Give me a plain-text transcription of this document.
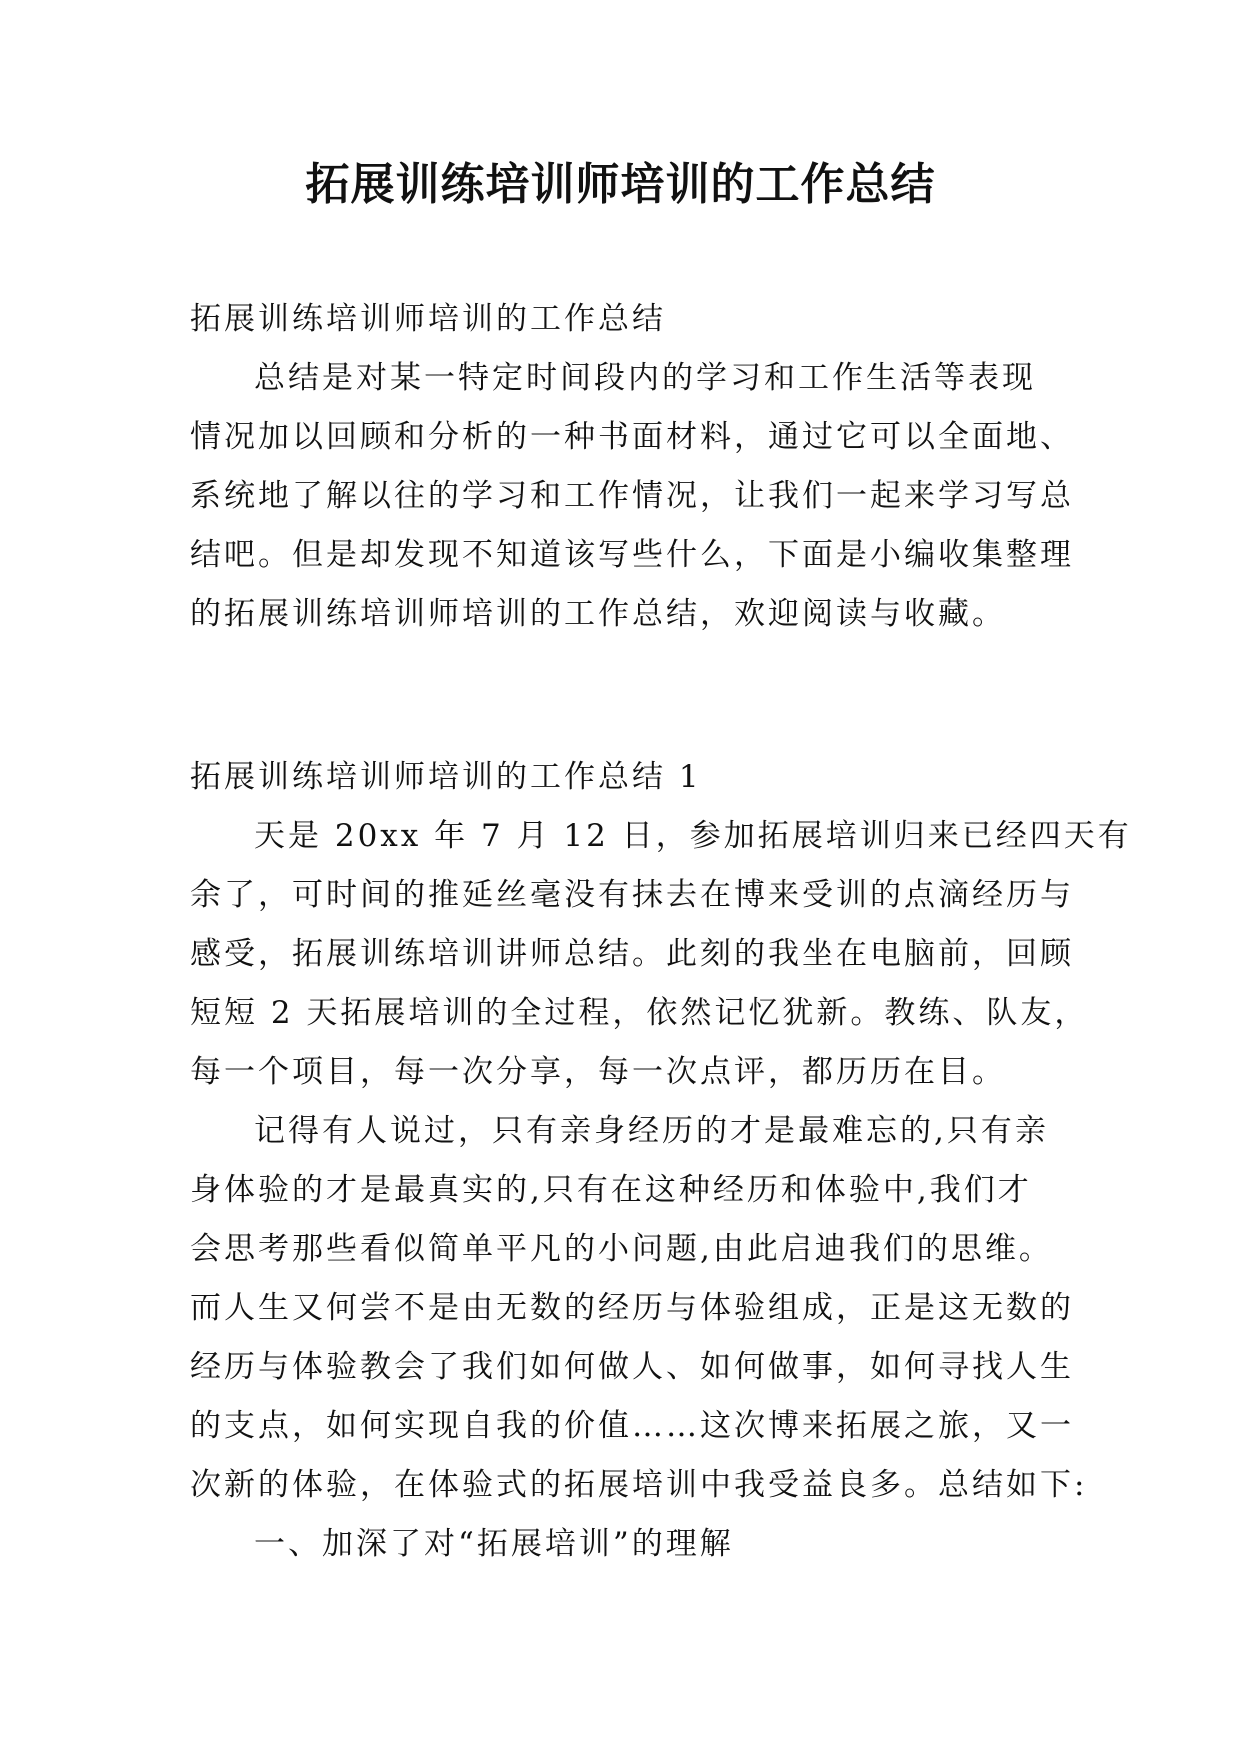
拓展训练培训师培训的工作总结
拓展训练培训师培训的工作总结
总结是对某一特定时间段内的学习和工作生活等表现
情况加以回顾和分析的一种书面材料，通过它可以全面地、
系统地了解以往的学习和工作情况，让我们一起来学习写总
结吧。但是却发现不知道该写些什么，下面是小编收集整理
的拓展训练培训师培训的工作总结，欢迎阅读与收藏。
拓展训练培训师培训的工作总结 1
天是 20xx 年 7 月 12 日，参加拓展培训归来已经四天有
余了，可时间的推延丝毫没有抹去在博来受训的点滴经历与
感受，拓展训练培训讲师总结。此刻的我坐在电脑前，回顾
短短 2 天拓展培训的全过程，依然记忆犹新。教练、队友，
每一个项目，每一次分享，每一次点评，都历历在目。
记得有人说过，只有亲身经历的才是最难忘的,只有亲
身体验的才是最真实的,只有在这种经历和体验中,我们才
会思考那些看似简单平凡的小问题,由此启迪我们的思维。
而人生又何尝不是由无数的经历与体验组成，正是这无数的
经历与体验教会了我们如何做人、如何做事，如何寻找人生
的支点，如何实现自我的价值……这次博来拓展之旅，又一
次新的体验，在体验式的拓展培训中我受益良多。总结如下:
一、加深了对“拓展培训”的理解
